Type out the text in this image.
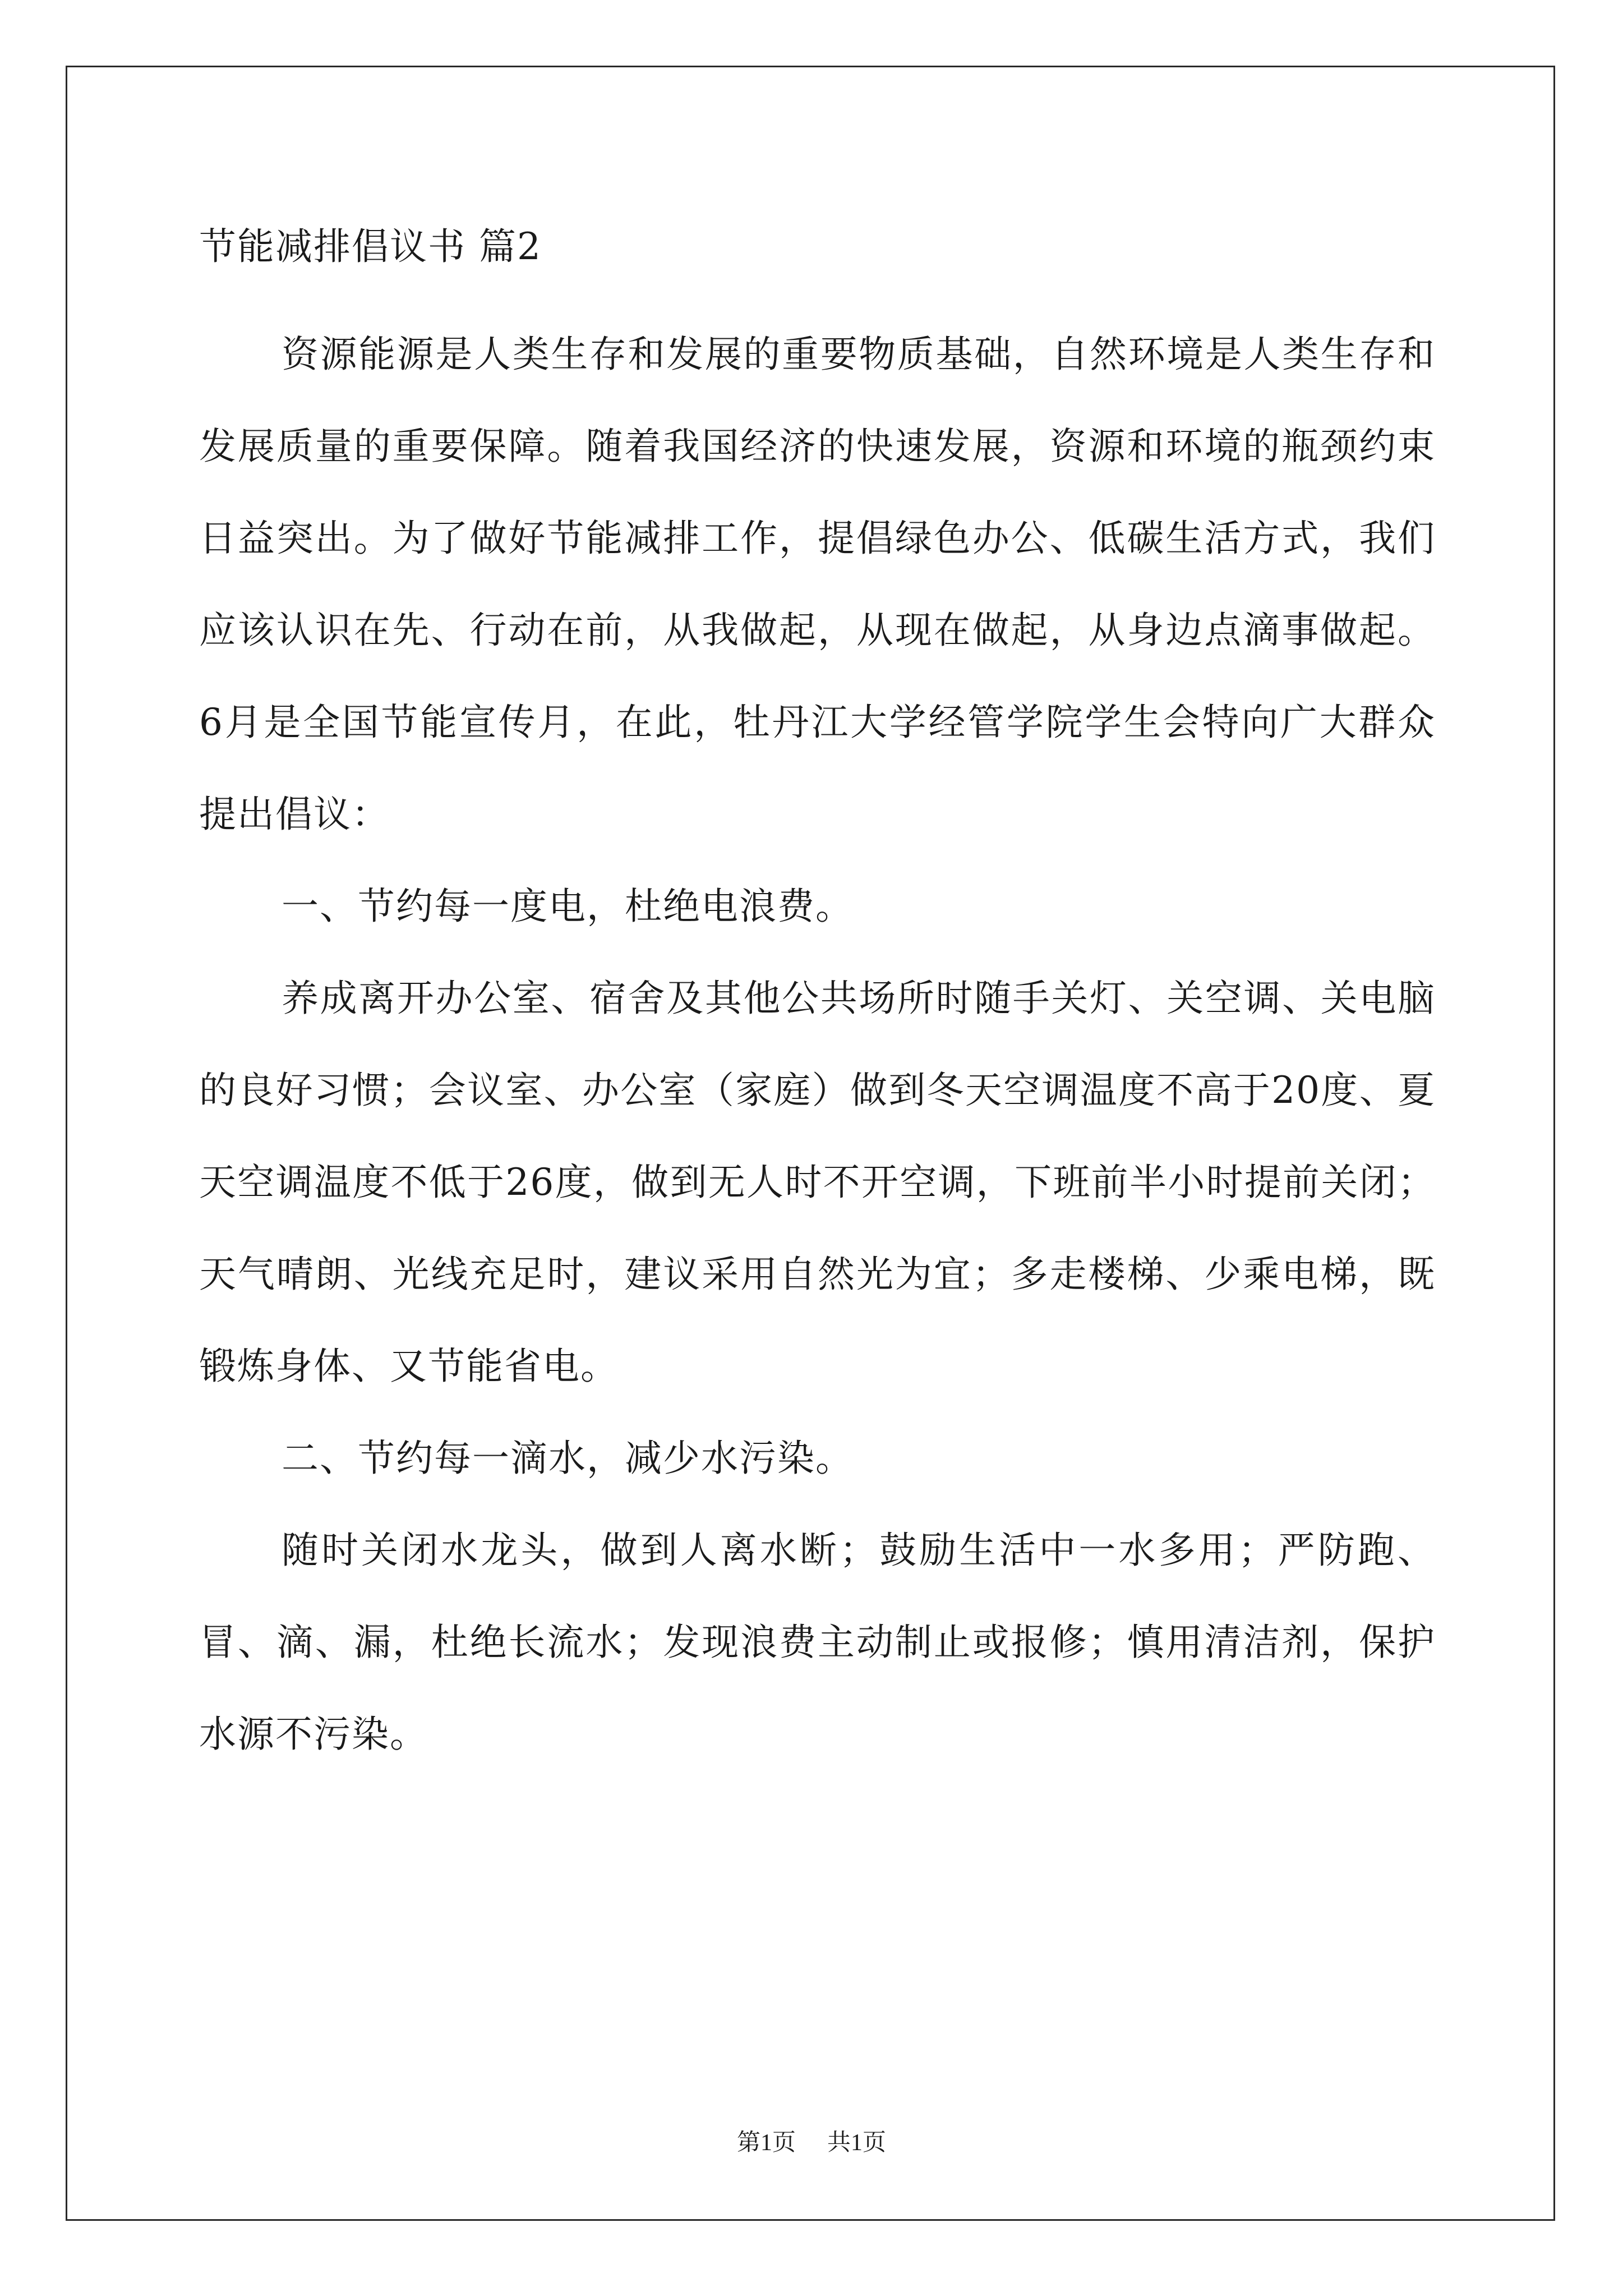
节能减排倡议书 篇2

资源能源是人类生存和发展的重要物质基础，自然环境是人类生存和发展质量的重要保障。随着我国经济的快速发展，资源和环境的瓶颈约束日益突出。为了做好节能减排工作，提倡绿色办公、低碳生活方式，我们应该认识在先、行动在前，从我做起，从现在做起，从身边点滴事做起。6月是全国节能宣传月，在此，牡丹江大学经管学院学生会特向广大群众提出倡议：

一、节约每一度电，杜绝电浪费。

养成离开办公室、宿舍及其他公共场所时随手关灯、关空调、关电脑的良好习惯；会议室、办公室（家庭）做到冬天空调温度不高于20度、夏天空调温度不低于26度，做到无人时不开空调，下班前半小时提前关闭；天气晴朗、光线充足时，建议采用自然光为宜；多走楼梯、少乘电梯，既锻炼身体、又节能省电。

二、节约每一滴水，减少水污染。

随时关闭水龙头，做到人离水断；鼓励生活中一水多用；严防跑、冒、滴、漏，杜绝长流水；发现浪费主动制止或报修；慎用清洁剂，保护水源不污染。

第1页 共1页
